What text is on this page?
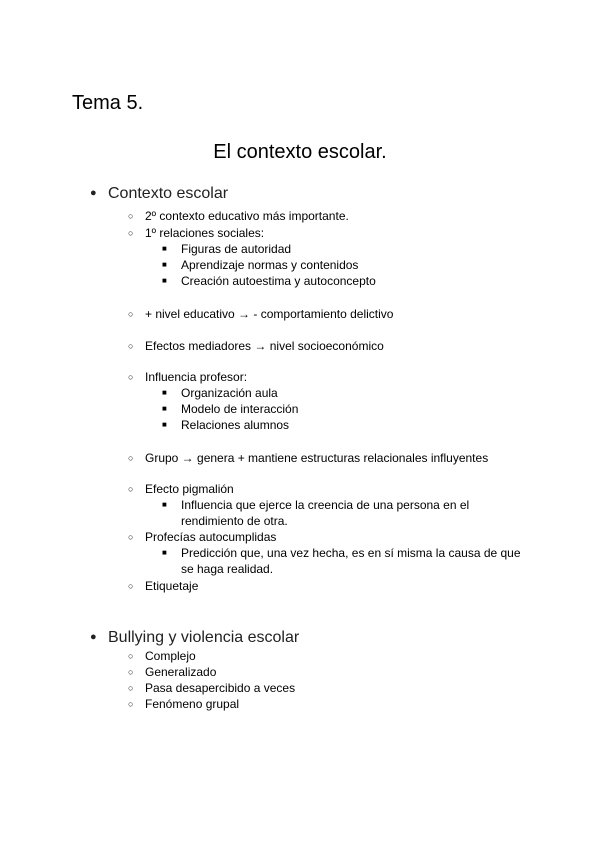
Tema 5.
El contexto escolar.
● Contexto escolar
○ 2º contexto educativo más importante.
○ 1º relaciones sociales:
■ Figuras de autoridad
■ Aprendizaje normas y contenidos
■ Creación autoestima y autoconcepto
○ + nivel educativo → - comportamiento delictivo
○ Efectos mediadores → nivel socioeconómico
○ Influencia profesor:
■ Organización aula
■ Modelo de interacción
■ Relaciones alumnos
○ Grupo → genera + mantiene estructuras relacionales influyentes
○ Efecto pigmalión
■ Influencia que ejerce la creencia de una persona en el rendimiento de otra.
○ Profecías autocumplidas
■ Predicción que, una vez hecha, es en sí misma la causa de que se haga realidad.
○ Etiquetaje
● Bullying y violencia escolar
○ Complejo
○ Generalizado
○ Pasa desapercibido a veces
○ Fenómeno grupal
